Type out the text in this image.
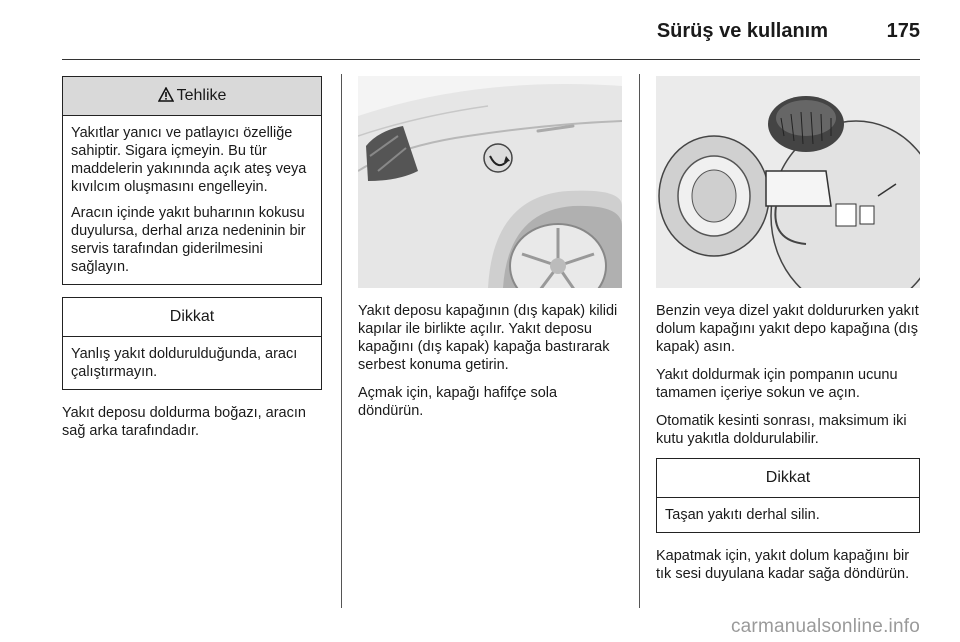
Sürüş ve kullanım	175
Tehlike

Yakıtlar yanıcı ve patlayıcı özelliğe sahiptir. Sigara içmeyin. Bu tür maddelerin yakınında açık ateş veya kıvılcım oluşmasını engelleyin.

Aracın içinde yakıt buharının kokusu duyulursa, derhal arıza nedeninin bir servis tarafından giderilmesini sağlayın.

Dikkat

Yanlış yakıt doldurulduğunda, aracı çalıştırmayın.

Yakıt deposu doldurma boğazı, aracın sağ arka tarafındadır.

Yakıt deposu kapağının (dış kapak) kilidi kapılar ile birlikte açılır. Yakıt deposu kapağını (dış kapak) kapağa bastırarak serbest konuma getirin.

Açmak için, kapağı hafifçe sola döndürün.

Benzin veya dizel yakıt doldururken yakıt dolum kapağını yakıt depo kapağına (dış kapak) asın.

Yakıt doldurmak için pompanın ucunu tamamen içeriye sokun ve açın.

Otomatik kesinti sonrası, maksimum iki kutu yakıtla doldurulabilir.

Dikkat

Taşan yakıtı derhal silin.

Kapatmak için, yakıt dolum kapağını bir tık sesi duyulana kadar sağa döndürün.

carmanualsonline.info
